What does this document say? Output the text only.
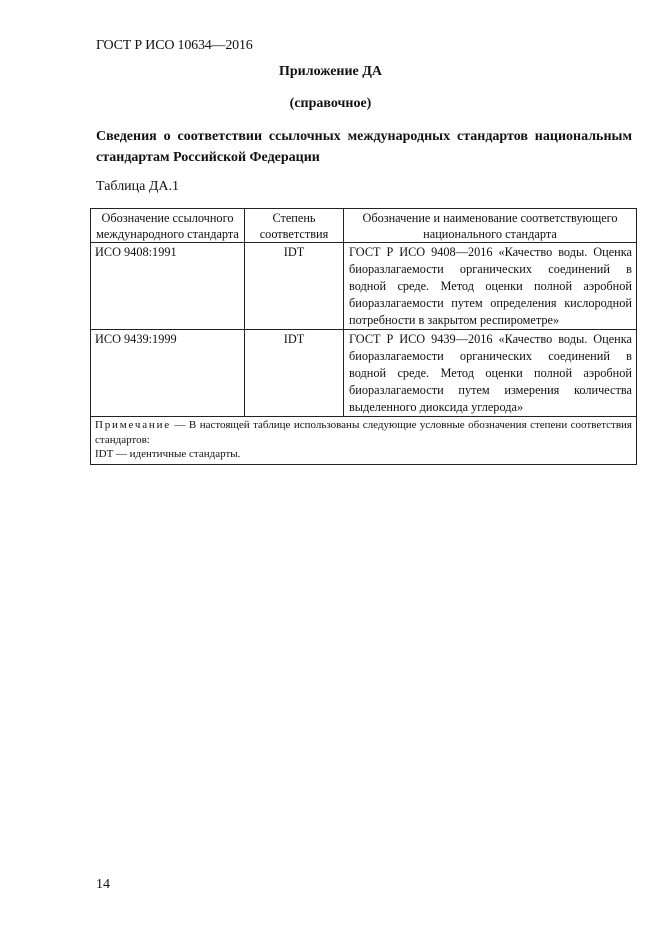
ГОСТ Р ИСО 10634—2016
Приложение ДА
(справочное)
Сведения о соответствии ссылочных международных стандартов национальным стандартам Российской Федерации
Таблица ДА.1
Обозначение ссылочного международного стандарта	Степень соответствия	Обозначение и наименование соответствующего национального стандарта
ИСО 9408:1991	IDT	ГОСТ Р ИСО 9408—2016 «Качество воды. Оценка биоразлагаемости органических соединений в водной среде. Метод оценки полной аэробной биоразлагаемости путем определения кислородной потребности в закрытом респирометре»
ИСО 9439:1999	IDT	ГОСТ Р ИСО 9439—2016 «Качество воды. Оценка биоразлагаемости органических соединений в водной среде. Метод оценки полной аэробной биоразлагаемости путем измерения количества выделенного диоксида углерода»
Примечание — В настоящей таблице использованы следующие условные обозначения степени соответствия стандартов:
IDT — идентичные стандарты.		
14
